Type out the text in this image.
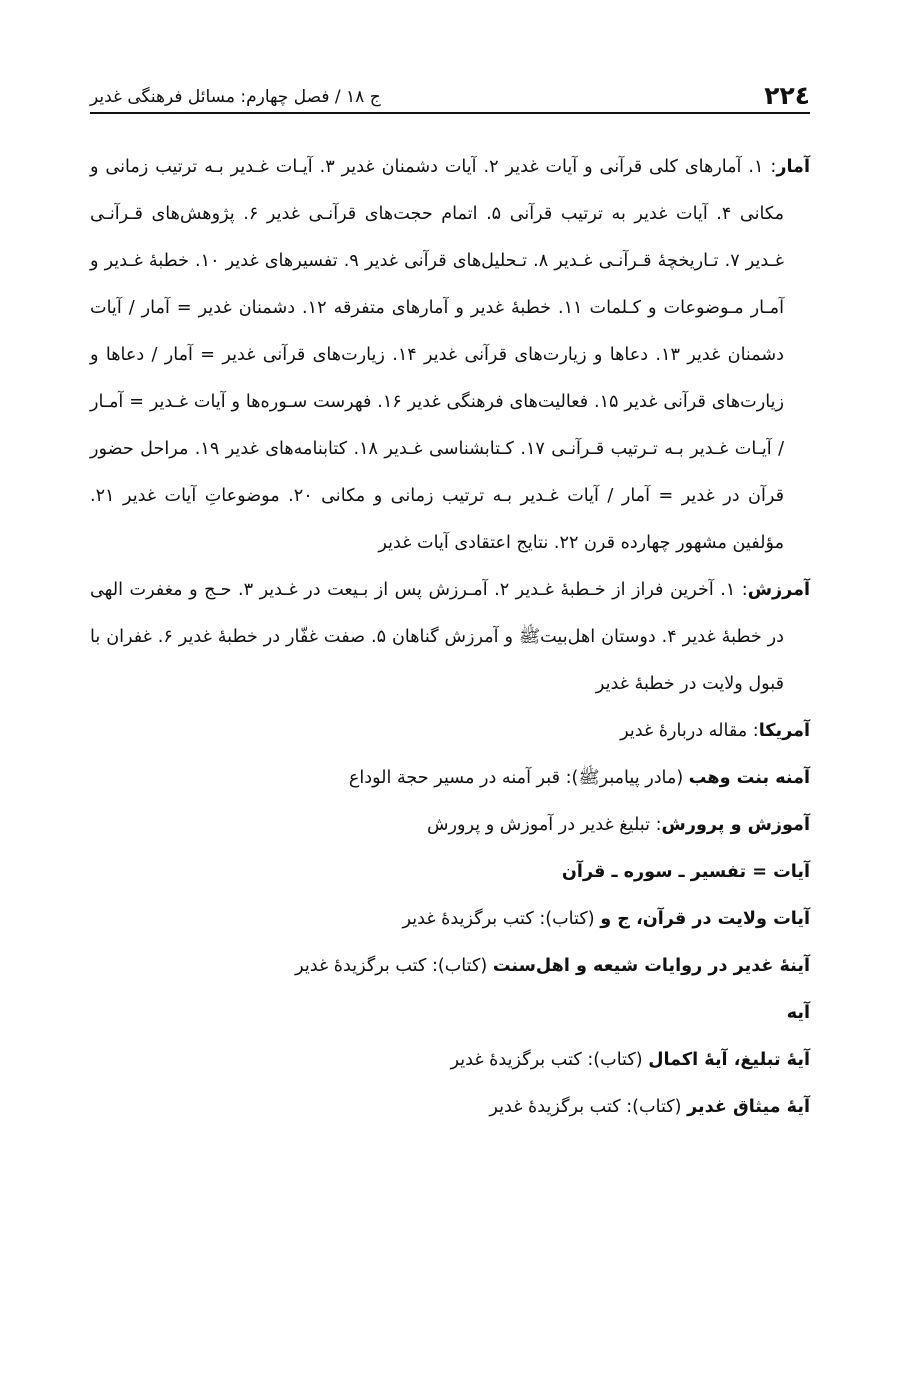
۲۲٤
ج ۱۸ / فصل چهارم: مسائل فرهنگی غدیر

آمار: ۱. آمارهای کلی قرآنی و آیات غدیر ۲. آیات دشمنان غدیر ۳. آیـات غـدیر بـه ترتیب زمانی و مکانی ۴. آیات غدیر به ترتیب قرآنی ۵. اتمام حجت‌های قرآنـی غدیر ۶. پژوهش‌های قـرآنـی غـدیر ۷. تـاریخچهٔ قـرآنـی غـدیر ۸. تـحلیل‌های قرآنی غدیر ۹. تفسیرهای غدیر ۱۰. خطبهٔ غـدیر و آمـار مـوضوعات و کـلمات ۱۱. خطبهٔ غدیر و آمارهای متفرقه ۱۲. دشمنان غدیر = آمار / آیات دشمنان غدیر ۱۳. دعاها و زیارت‌های قرآنی غدیر ۱۴. زیارت‌های قرآنی غدیر = آمار / دعاها و زیارت‌های قرآنی غدیر ۱۵. فعالیت‌های فرهنگی غدیر ۱۶. فهرست سـوره‌ها و آیات غـدیر = آمـار / آیـات غـدیر بـه تـرتیب قـرآنـی ۱۷. کـتابشناسی غـدیر ۱۸. کتابنامه‌های غدیر ۱۹. مراحل حضور قرآن در غدیر = آمار / آیات غـدیر بـه ترتیب زمانی و مکانی ۲۰. موضوعاتِ آیات غدیر ۲۱. مؤلفین مشهور چهارده قرن ۲۲. نتایج اعتقادی آیات غدیر

آمرزش: ۱. آخرین فراز از خـطبهٔ غـدیر ۲. آمـرزش پس از بـیعت در غـدیر ۳. حـج و مغفرت الهی در خطبهٔ غدیر ۴. دوستان اهل‌بیت‌ﷺ و آمرزش گناهان ۵. صفت غفّار در خطبهٔ غدیر ۶. غفران با قبول ولایت در خطبهٔ غدیر

آمریکا: مقاله دربارهٔ غدیر

آمنه بنت وهب (مادر پیامبرﷺ): قبر آمنه در مسیر حجة الوداع

آموزش و پرورش: تبلیغ غدیر در آموزش و پرورش

آیات = تفسیر ـ سوره ـ قرآن

آیات ولایت در قرآن، ج و (کتاب): کتب برگزیدهٔ غدیر

آینهٔ غدیر در روایات شیعه و اهل‌سنت (کتاب): کتب برگزیدهٔ غدیر

آیه

آیهٔ تبلیغ، آیهٔ اکمال (کتاب): کتب برگزیدهٔ غدیر

آیهٔ میثاق غدیر (کتاب): کتب برگزیدهٔ غدیر
